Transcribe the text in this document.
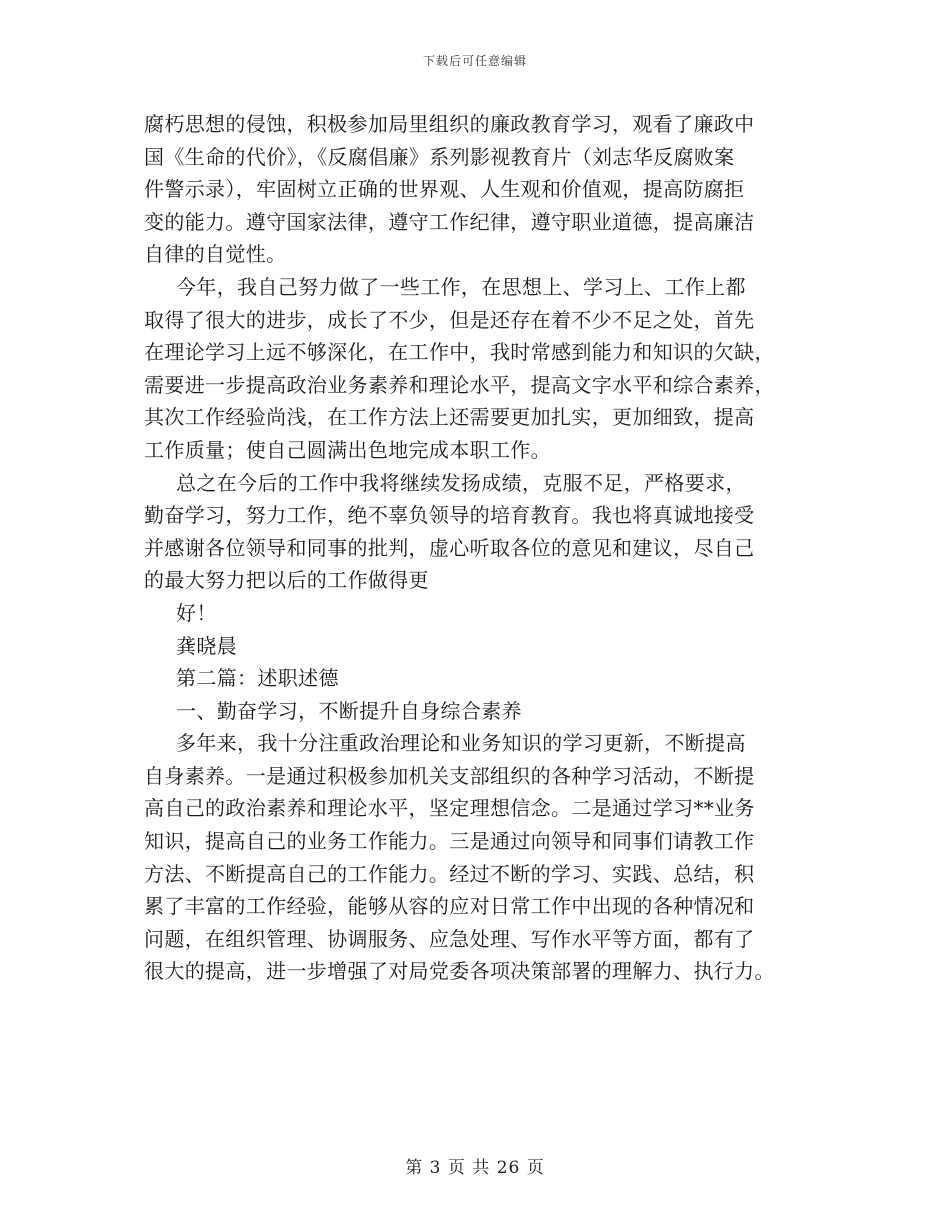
下载后可任意编辑
腐朽思想的侵蚀，积极参加局里组织的廉政教育学习，观看了廉政中
国《生命的代价》，《反腐倡廉》系列影视教育片（刘志华反腐败案
件警示录），牢固树立正确的世界观、人生观和价值观，提高防腐拒
变的能力。遵守国家法律，遵守工作纪律，遵守职业道德，提高廉洁
自律的自觉性。
今年，我自己努力做了一些工作，在思想上、学习上、工作上都
取得了很大的进步，成长了不少，但是还存在着不少不足之处，首先
在理论学习上远不够深化，在工作中，我时常感到能力和知识的欠缺，
需要进一步提高政治业务素养和理论水平，提高文字水平和综合素养，
其次工作经验尚浅，在工作方法上还需要更加扎实，更加细致，提高
工作质量；使自己圆满出色地完成本职工作。
总之在今后的工作中我将继续发扬成绩，克服不足，严格要求，
勤奋学习，努力工作，绝不辜负领导的培育教育。我也将真诚地接受
并感谢各位领导和同事的批判，虚心听取各位的意见和建议，尽自己
的最大努力把以后的工作做得更
好！
龚晓晨
第二篇：述职述德
一、勤奋学习，不断提升自身综合素养
多年来，我十分注重政治理论和业务知识的学习更新，不断提高
自身素养。一是通过积极参加机关支部组织的各种学习活动，不断提
高自己的政治素养和理论水平，坚定理想信念。二是通过学习**业务
知识，提高自己的业务工作能力。三是通过向领导和同事们请教工作
方法、不断提高自己的工作能力。经过不断的学习、实践、总结，积
累了丰富的工作经验，能够从容的应对日常工作中出现的各种情况和
问题，在组织管理、协调服务、应急处理、写作水平等方面，都有了
很大的提高，进一步增强了对局党委各项决策部署的理解力、执行力。
第 3 页 共 26 页
